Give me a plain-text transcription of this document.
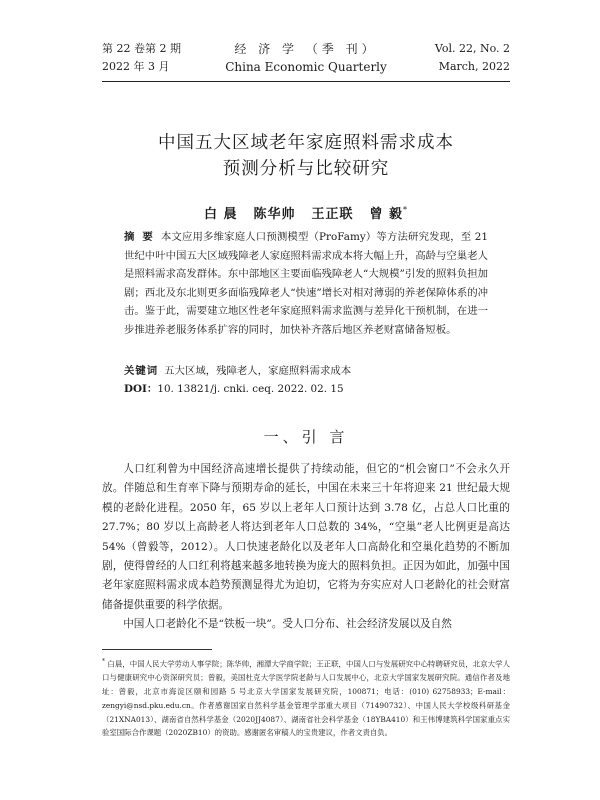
第 22 卷第 2 期
2022 年 3 月
经 济 学 （季 刊）
China Economic Quarterly
Vol. 22, No. 2
March, 2022
中国五大区域老年家庭照料需求成本
预测分析与比较研究
白 晨 陈华帅 王正联 曾 毅*
摘 要 本文应用多维家庭人口预测模型（ProFamy）等方法研究发现，至 21 世纪中叶中国五大区域残障老人家庭照料需求成本将大幅上升，高龄与空巢老人是照料需求高发群体。东中部地区主要面临残障老人“大规模”引发的照料负担加剧；西北及东北则更多面临残障老人“快速”增长对相对薄弱的养老保障体系的冲击。鉴于此，需要建立地区性老年家庭照料需求监测与差异化干预机制，在进一步推进养老服务体系扩容的同时，加快补齐落后地区养老财富储备短板。
关键词 五大区域，残障老人，家庭照料需求成本
DOI：10. 13821/j. cnki. ceq. 2022. 02. 15
一、引 言

人口红利曾为中国经济高速增长提供了持续动能，但它的“机会窗口”不会永久开放。伴随总和生育率下降与预期寿命的延长，中国在未来三十年将迎来 21 世纪最大规模的老龄化进程。2050 年，65 岁以上老年人口预计达到 3.78 亿，占总人口比重的 27.7%；80 岁以上高龄老人将达到老年人口总数的 34%，“空巢”老人比例更是高达 54%（曾毅等，2012）。人口快速老龄化以及老年人口高龄化和空巢化趋势的不断加剧，使得曾经的人口红利将越来越多地转换为庞大的照料负担。正因为如此，加强中国老年家庭照料需求成本趋势预测显得尤为迫切，它将为夯实应对人口老龄化的社会财富储备提供重要的科学依据。

中国人口老龄化不是“铁板一块”。受人口分布、社会经济发展以及自然

* 白晨，中国人民大学劳动人事学院；陈华帅，湘潭大学商学院；王正联，中国人口与发展研究中心特聘研究员，北京大学人口与健康研究中心资深研究员；曾毅，美国杜克大学医学院老龄与人口发展中心，北京大学国家发展研究院。通信作者及地址：曾毅，北京市海淀区颐和园路 5 号北京大学国家发展研究院，100871；电话：(010) 62758933；E-mail：zengyi@nsd.pku.edu.cn。作者感谢国家自然科学基金管理学部重大项目（71490732）、中国人民大学校级科研基金（21XNA013）、湖南省自然科学基金（2020JJ4087）、湖南省社会科学基金（18YBA410）和王伟博建筑科学国家重点实验室国际合作课题（2020ZB10）的资助。感谢匿名审稿人的宝贵建议，作者文责自负。
